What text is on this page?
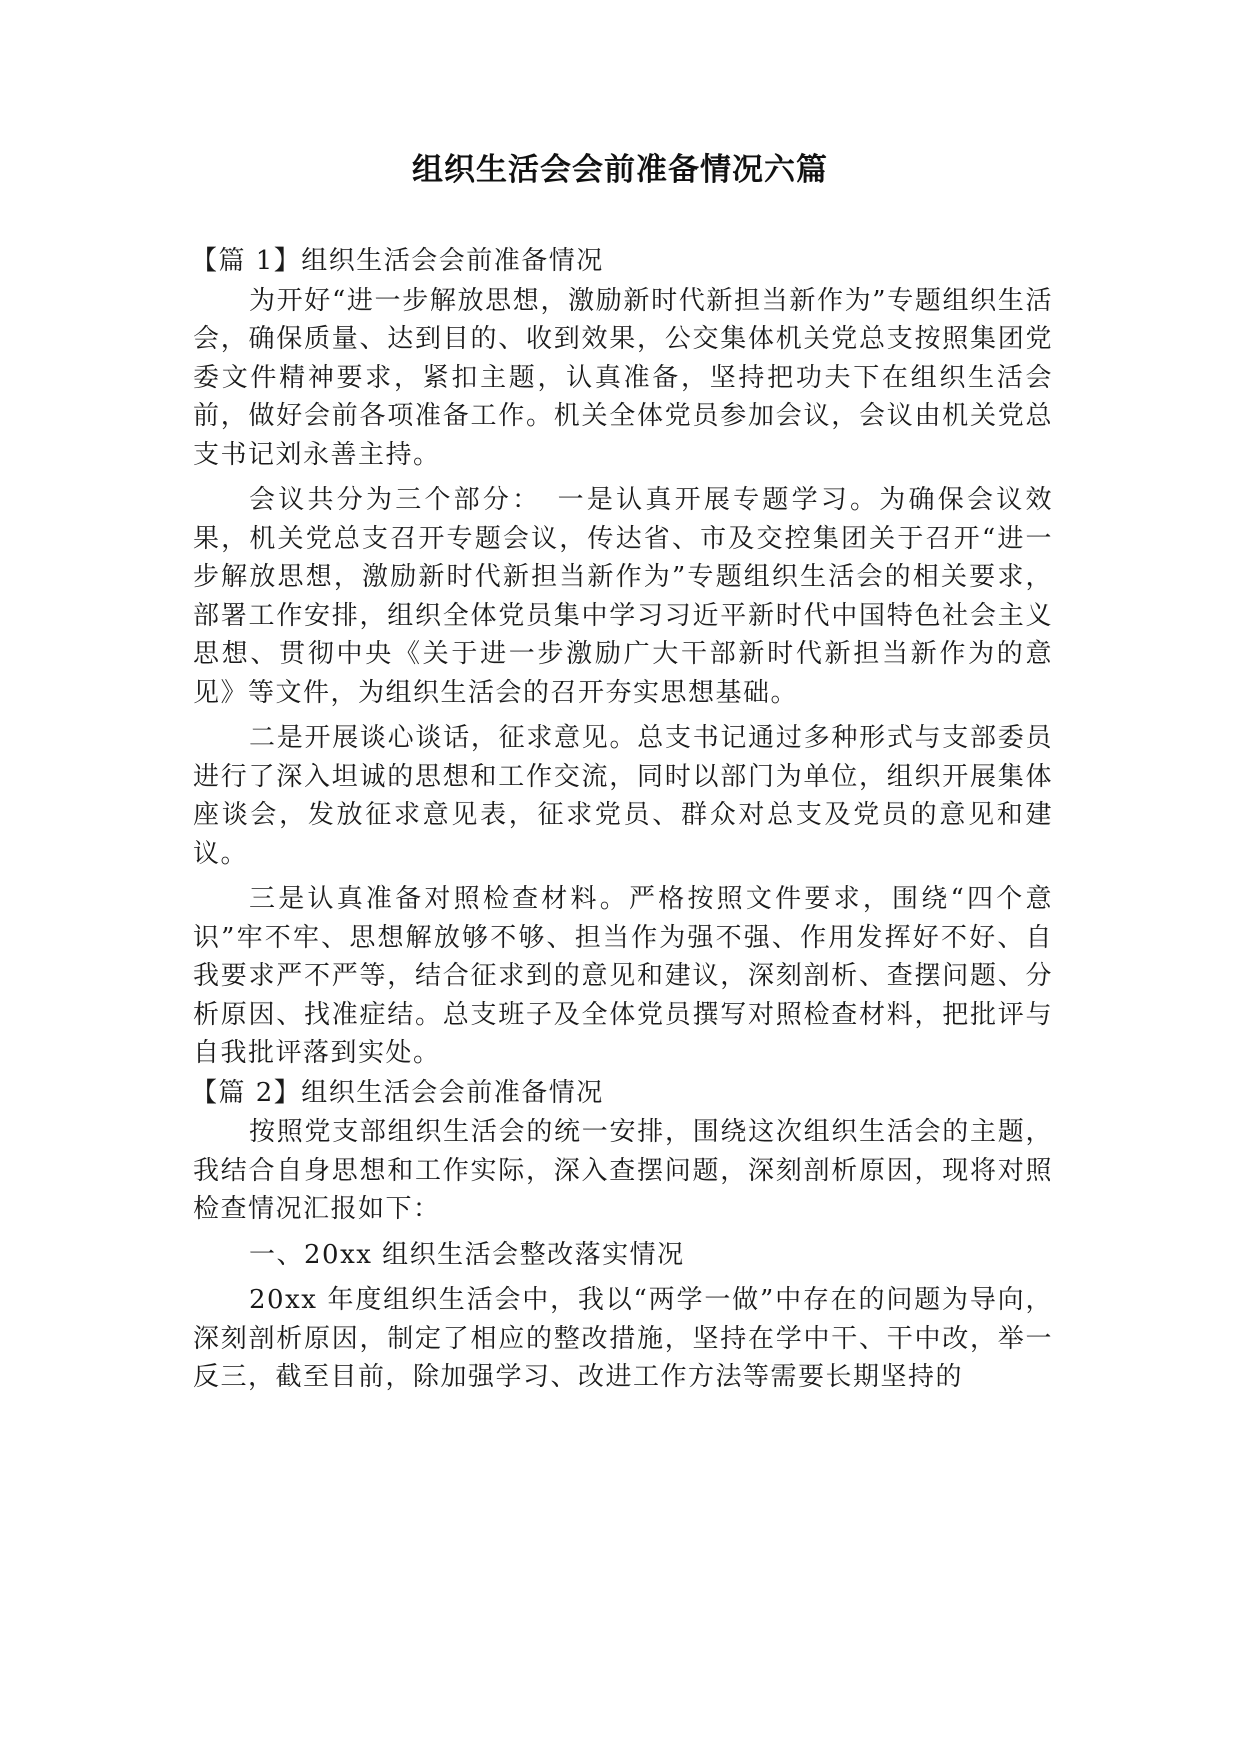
组织生活会会前准备情况六篇
【篇 1】组织生活会会前准备情况

为开好“进一步解放思想，激励新时代新担当新作为”专题组织生活会，确保质量、达到目的、收到效果，公交集体机关党总支按照集团党委文件精神要求，紧扣主题，认真准备，坚持把功夫下在组织生活会前，做好会前各项准备工作。机关全体党员参加会议，会议由机关党总支书记刘永善主持。

会议共分为三个部分：　一是认真开展专题学习。为确保会议效果，机关党总支召开专题会议，传达省、市及交控集团关于召开“进一步解放思想，激励新时代新担当新作为”专题组织生活会的相关要求，部署工作安排，组织全体党员集中学习习近平新时代中国特色社会主义思想、贯彻中央《关于进一步激励广大干部新时代新担当新作为的意见》等文件，为组织生活会的召开夯实思想基础。

二是开展谈心谈话，征求意见。总支书记通过多种形式与支部委员进行了深入坦诚的思想和工作交流，同时以部门为单位，组织开展集体座谈会，发放征求意见表，征求党员、群众对总支及党员的意见和建议。

三是认真准备对照检查材料。严格按照文件要求，围绕“四个意识”牢不牢、思想解放够不够、担当作为强不强、作用发挥好不好、自我要求严不严等，结合征求到的意见和建议，深刻剖析、查摆问题、分析原因、找准症结。总支班子及全体党员撰写对照检查材料，把批评与自我批评落到实处。

【篇 2】组织生活会会前准备情况

按照党支部组织生活会的统一安排，围绕这次组织生活会的主题，我结合自身思想和工作实际，深入查摆问题，深刻剖析原因，现将对照检查情况汇报如下：

一、20xx 组织生活会整改落实情况

20xx 年度组织生活会中，我以“两学一做”中存在的问题为导向，深刻剖析原因，制定了相应的整改措施，坚持在学中干、干中改，举一反三，截至目前，除加强学习、改进工作方法等需要长期坚持的
